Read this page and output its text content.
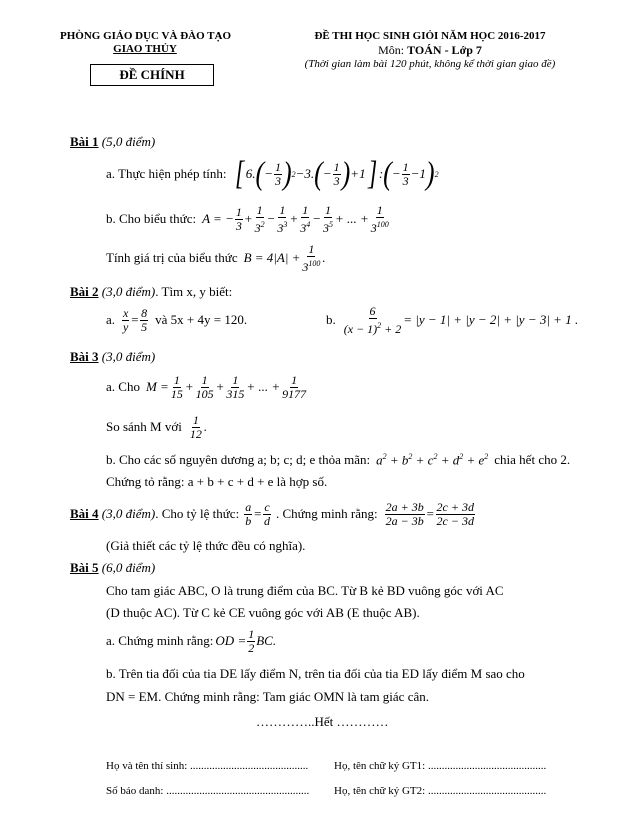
PHÒNG GIÁO DỤC VÀ ĐÀO TẠO
GIAO THỦY
ĐỀ CHÍNH
ĐỀ THI HỌC SINH GIỎI NĂM HỌC 2016-2017
Môn: TOÁN - Lớp 7
(Thời gian làm bài 120 phút, không kể thời gian giao đề)
Bài 1 (5,0 điểm)
a. Thực hiện phép tính: [ 6. ( − $\frac{1}{3}$ ) 2 −3. ( − $\frac{1}{3}$ ) +1 ] : ( − $\frac{1}{3} -1$ ) 2
b. Cho biểu thức: A = − $\frac{1}{3} + \frac{1}{3^2} - \frac{1}{3^3} + \frac{1}{3^4} - \frac{1}{3^5}$ + ... + $\frac{1}{3^{100}}$
Tính giá trị của biểu thức $B = 4|A| + \frac{1}{3^{100}}$ .
Bài 2 (3,0 điểm). Tìm x, y biết:
a. $\frac{x}{y} = \frac{8}{5}$ và 5x + 4y = 120.	b. $\frac{6}{(x - 1)^2 + 2} = |y - 1| + |y - 2| + |y - 3| + 1$ .
Bài 3 (3,0 điểm)
a. Cho $M = \frac{1}{15} + \frac{1}{105} + \frac{1}{315}$ + ... + $\frac{1}{9177}$
So sánh M với $\frac{1}{12}$ .
b. Cho các số nguyên dương a; b; c; d; e thỏa mãn: $a^2 + b^2 + c^2 + d^2 + e^2$ chia hết cho 2.
Chứng tỏ rằng: a + b + c + d + e là hợp số.
Bài 4
(3,0 điểm) . Cho tỷ lệ thức: $\frac{a}{b} = \frac{c}{d}$ . Chứng minh rằng: $\frac{2a + 3b}{2a - 3b} = \frac{2c + 3d}{2c - 3d}$
(Giả thiết các tỷ lệ thức đều có nghĩa).
Bài 5 (6,0 điểm)
Cho tam giác ABC, O là trung điểm của BC. Từ B kẻ BD vuông góc với AC
(D thuộc AC). Từ C kẻ CE vuông góc với AB (E thuộc AB).
a. Chứng minh rằng: OD = $\frac{1}{2}$ BC.
b. Trên tia đối của tia DE lấy điểm N, trên tia đối của tia ED lấy điểm M sao cho
DN = EM. Chứng minh rằng: Tam giác OMN là tam giác cân.
…………..Hết …………
Họ và tên thí sinh: ........................................... Họ, tên chữ ký GT1: ...........................................
Số báo danh: .................................................... Họ, tên chữ ký GT2: ...........................................
